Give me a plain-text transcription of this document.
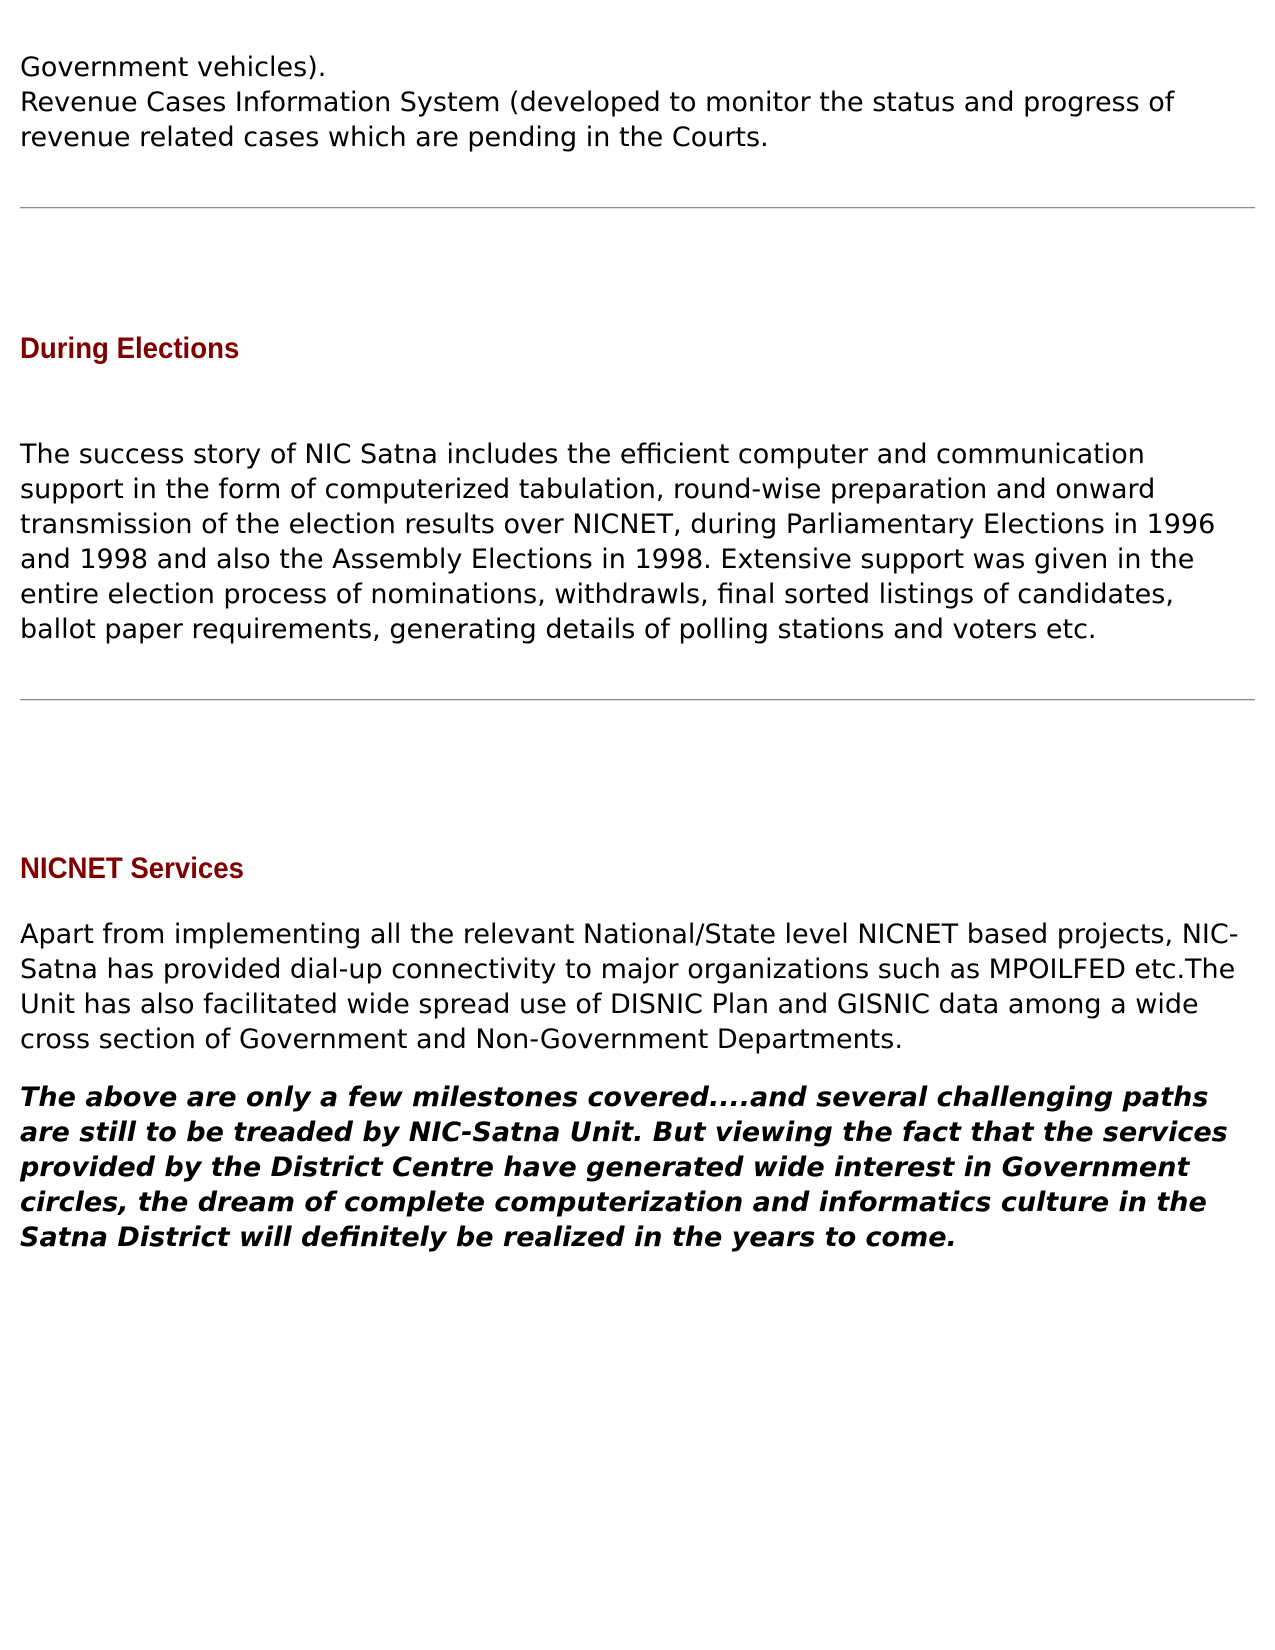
Government vehicles).

Revenue Cases Information System (developed to monitor the status and progress of revenue related cases which are pending in the Courts.

During Elections

The success story of NIC Satna includes the efficient computer and communication support in the form of computerized tabulation, round-wise preparation and onward transmission of the election results over NICNET, during Parliamentary Elections in 1996 and 1998 and also the Assembly Elections in 1998. Extensive support was given in the entire election process of nominations, withdrawls, final sorted listings of candidates, ballot paper requirements, generating details of polling stations and voters etc.

NICNET Services

Apart from implementing all the relevant National/State level NICNET based projects, NIC-Satna has provided dial-up connectivity to major organizations such as MPOILFED etc.The Unit has also facilitated wide spread use of DISNIC Plan and GISNIC data among a wide cross section of Government and Non-Government Departments.

The above are only a few milestones covered....and several challenging paths are still to be treaded by NIC-Satna Unit. But viewing the fact that the services provided by the District Centre have generated wide interest in Government circles, the dream of complete computerization and informatics culture in the Satna District will definitely be realized in the years to come.
